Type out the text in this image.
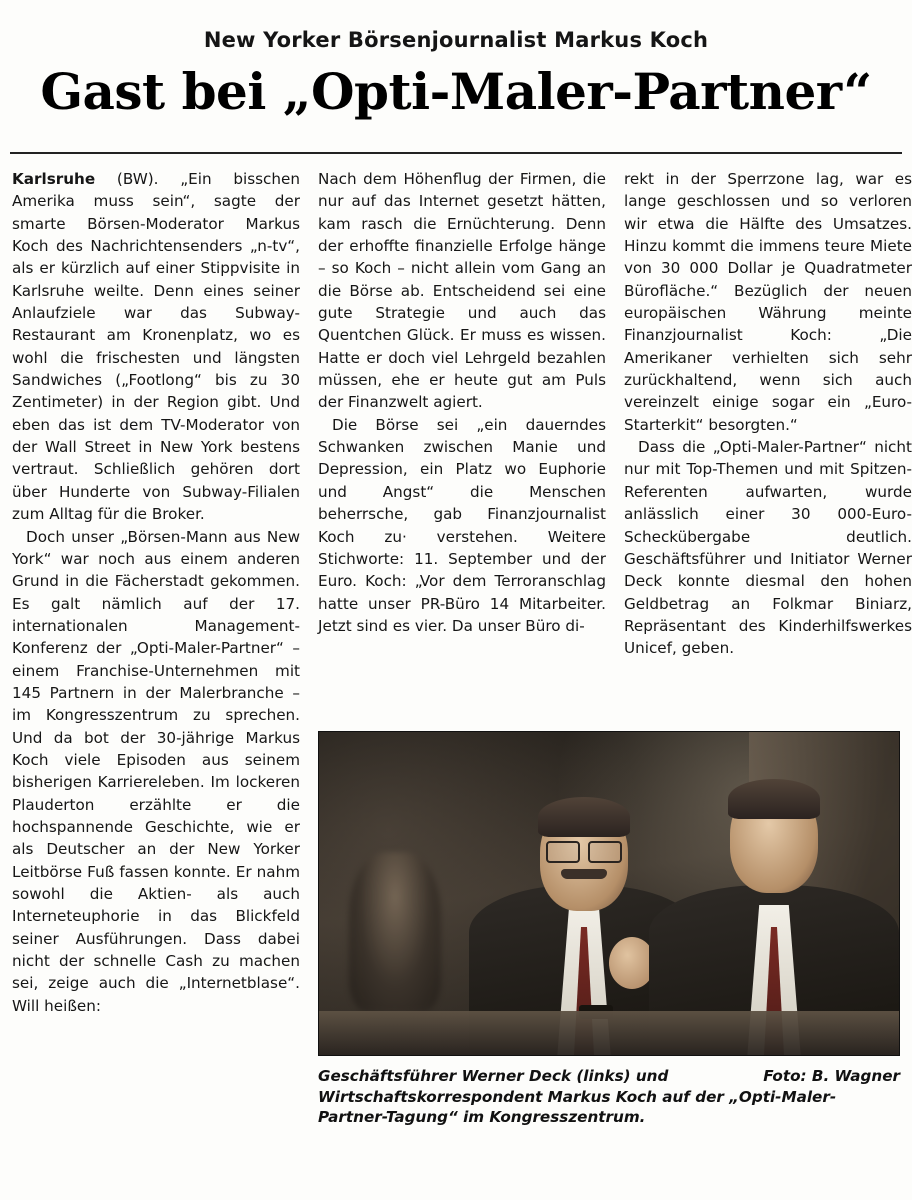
New Yorker Börsenjournalist Markus Koch
Gast bei „Opti-Maler-Partner“

Karlsruhe (BW). „Ein bisschen Amerika muss sein“, sagte der smarte Börsen-Moderator Markus Koch des Nachrichtensenders „n-tv“, als er kürzlich auf einer Stippvisite in Karlsruhe weilte. Denn eines seiner Anlaufziele war das Subway-Restaurant am Kronenplatz, wo es wohl die frischesten und längsten Sandwiches („Footlong“ bis zu 30 Zentimeter) in der Region gibt. Und eben das ist dem TV-Moderator von der Wall Street in New York bestens vertraut. Schließlich gehören dort über Hunderte von Subway-Filialen zum Alltag für die Broker.

Doch unser „Börsen-Mann aus New York“ war noch aus einem anderen Grund in die Fächerstadt gekommen. Es galt nämlich auf der 17. internationalen Management-Konferenz der „Opti-Maler-Partner“ – einem Franchise-Unternehmen mit 145 Partnern in der Malerbranche – im Kongresszentrum zu sprechen. Und da bot der 30-jährige Markus Koch viele Episoden aus seinem bisherigen Karriereleben. Im lockeren Plauderton erzählte er die hochspannende Geschichte, wie er als Deutscher an der New Yorker Leitbörse Fuß fassen konnte. Er nahm sowohl die Aktien- als auch Interneteuphorie in das Blickfeld seiner Ausführungen. Dass dabei nicht der schnelle Cash zu machen sei, zeige auch die „Internetblase“. Will heißen:

Nach dem Höhenflug der Firmen, die nur auf das Internet gesetzt hätten, kam rasch die Ernüchterung. Denn der erhoffte finanzielle Erfolge hänge – so Koch – nicht allein vom Gang an die Börse ab. Entscheidend sei eine gute Strategie und auch das Quentchen Glück. Er muss es wissen. Hatte er doch viel Lehrgeld bezahlen müssen, ehe er heute gut am Puls der Finanzwelt agiert.

Die Börse sei „ein dauerndes Schwanken zwischen Manie und Depression, ein Platz wo Euphorie und Angst“ die Menschen beherrsche, gab Finanzjournalist Koch zu· verstehen. Weitere Stichworte: 11. September und der Euro. Koch: „Vor dem Terroranschlag hatte unser PR-Büro 14 Mitarbeiter. Jetzt sind es vier. Da unser Büro di-

rekt in der Sperrzone lag, war es lange geschlossen und so verloren wir etwa die Hälfte des Umsatzes. Hinzu kommt die immens teure Miete von 30 000 Dollar je Quadratmeter Bürofläche.“ Bezüglich der neuen europäischen Währung meinte Finanzjournalist Koch: „Die Amerikaner verhielten sich sehr zurückhaltend, wenn sich auch vereinzelt einige sogar ein „Euro-Starterkit“ besorgten.“

Dass die „Opti-Maler-Partner“ nicht nur mit Top-Themen und mit Spitzen-Referenten aufwarten, wurde anlässlich einer 30 000-Euro-Scheckübergabe deutlich. Geschäftsführer und Initiator Werner Deck konnte diesmal den hohen Geldbetrag an Folkmar Biniarz, Repräsentant des Kinderhilfswerkes Unicef, geben.

Foto: B. Wagner
Geschäftsführer Werner Deck (links) und Wirtschaftskorrespondent Markus Koch auf der „Opti-Maler-Partner-Tagung“ im Kongresszentrum.
